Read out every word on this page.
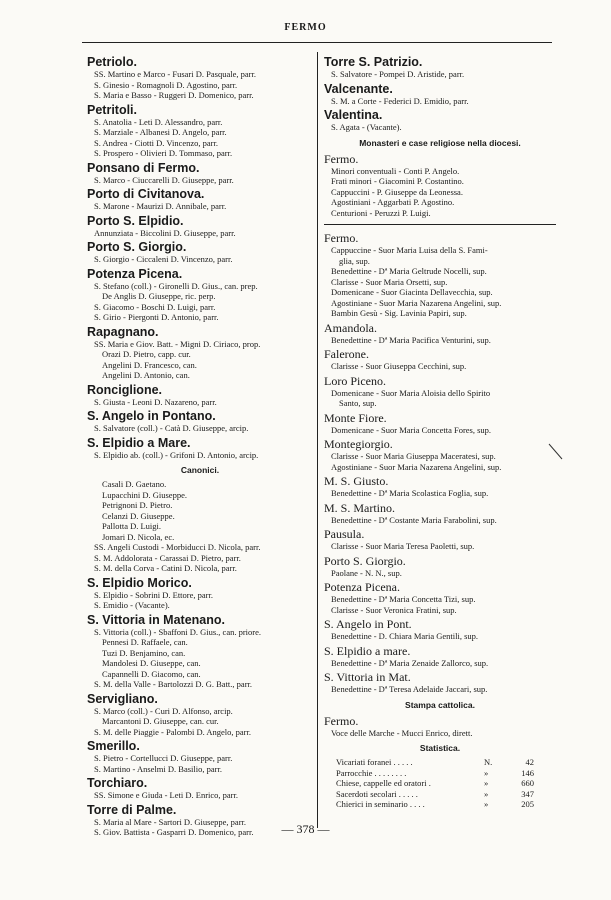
FERMO
Petriolo.
SS. Martino e Marco - Fusari D. Pasquale, parr.
S. Ginesio - Romagnoli D. Agostino, parr.
S. Maria e Basso - Ruggeri D. Domenico, parr.
Petritoli.
S. Anatolia - Leti D. Alessandro, parr.
S. Marziale - Albanesi D. Angelo, parr.
S. Andrea - Ciotti D. Vincenzo, parr.
S. Prospero - Olivieri D. Tommaso, parr.
Ponsano di Fermo.
S. Marco - Ciuccarelli D. Giuseppe, parr.
Porto di Civitanova.
S. Marone - Maurizi D. Annibale, parr.
Porto S. Elpidio.
Annunziata - Biccolini D. Giuseppe, parr.
Porto S. Giorgio.
S. Giorgio - Ciccaleni D. Vincenzo, parr.
Potenza Picena.
S. Stefano (coll.) - Gironelli D. Gius., can. prep.
De Anglis D. Giuseppe, ric. perp.
S. Giacomo - Boschi D. Luigi, parr.
S. Girio - Piergonti D. Antonio, parr.
Rapagnano.
SS. Maria e Giov. Batt. - Migni D. Ciriaco, prop.
Orazi D. Pietro, capp. cur.
Angelini D. Francesco, can.
Angelini D. Antonio, can.
Ronciglione.
S. Giusta - Leoni D. Nazareno, parr.
S. Angelo in Pontano.
S. Salvatore (coll.) - Catà D. Giuseppe, arcip.
S. Elpidio a Mare.
S. Elpidio ab. (coll.) - Grifoni D. Antonio, arcip.
Canonici.
Casali D. Gaetano.
Lupacchini D. Giuseppe.
Petrignoni D. Pietro.
Celanzi D. Giuseppe.
Pallotta D. Luigi.
Jomari D. Nicola, ec.
SS. Angeli Custodi - Morbiducci D. Nicola, parr.
S. M. Addolorata - Carassai D. Pietro, parr.
S. M. della Corva - Catini D. Nicola, parr.
S. Elpidio Morico.
S. Elpidio - Sobrini D. Ettore, parr.
S. Emidio - (Vacante).
S. Vittoria in Matenano.
S. Vittoria (coll.) - Sbaffoni D. Gius., can. priore.
Pennesi D. Raffaele, can.
Tuzi D. Benjamino, can.
Mandolesi D. Giuseppe, can.
Capannelli D. Giacomo, can.
S. M. della Valle - Bartolozzi D. G. Batt., parr.
Servigliano.
S. Marco (coll.) - Curi D. Alfonso, arcip.
Marcantoni D. Giuseppe, can. cur.
S. M. delle Piaggie - Palombi D. Angelo, parr.
Smerillo.
S. Pietro - Cortellucci D. Giuseppe, parr.
S. Martino - Anselmi D. Basilio, parr.
Torchiaro.
SS. Simone e Giuda - Leti D. Enrico, parr.
Torre di Palme.
S. Maria al Mare - Sartori D. Giuseppe, parr.
S. Giov. Battista - Gasparri D. Domenico, parr.
Torre S. Patrizio.
S. Salvatore - Pompei D. Aristide, parr.
Valcenante.
S. M. a Corte - Federici D. Emidio, parr.
Valentina.
S. Agata - (Vacante).
Monasteri e case religiose nella diocesi.
Fermo.
Minori conventuali - Conti P. Angelo.
Frati minori - Giacomini P. Costantino.
Cappuccini - P. Giuseppe da Leonessa.
Agostiniani - Aggarbati P. Agostino.
Centurioni - Peruzzi P. Luigi.
Fermo.
Cappuccine - Suor Maria Luisa della S. Fami-
glia, sup.
Benedettine - Dª Maria Geltrude Nocelli, sup.
Clarisse - Suor Maria Orsetti, sup.
Domenicane - Suor Giacinta Dellavecchia, sup.
Agostiniane - Suor Maria Nazarena Angelini, sup.
Bambin Gesù - Sig. Lavinia Papiri, sup.
Amandola.
Benedettine - Dª Maria Pacifica Venturini, sup.
Falerone.
Clarisse - Suor Giuseppa Cecchini, sup.
Loro Piceno.
Domenicane - Suor Maria Aloisia dello Spirito
Santo, sup.
Monte Fiore.
Domenicane - Suor Maria Concetta Fores, sup.
Montegiorgio.
Clarisse - Suor Maria Giuseppa Maceratesi, sup.
Agostiniane - Suor Maria Nazarena Angelini, sup.
M. S. Giusto.
Benedettine - Dª Maria Scolastica Foglia, sup.
M. S. Martino.
Benedettine - Dª Costante Maria Farabolini, sup.
Pausula.
Clarisse - Suor Maria Teresa Paoletti, sup.
Porto S. Giorgio.
Paolane - N. N., sup.
Potenza Picena.
Benedettine - Dª Maria Concetta Tizi, sup.
Clarisse - Suor Veronica Fratini, sup.
S. Angelo in Pont.
Benedettine - D. Chiara Maria Gentili, sup.
S. Elpidio a mare.
Benedettine - Dª Maria Zenaide Zallorco, sup.
S. Vittoria in Mat.
Benedettine - Dª Teresa Adelaide Jaccari, sup.
Stampa cattolica.
Fermo.
Voce delle Marche - Mucci Enrico, dirett.
Statistica.
Vicariati foranei . . . . .	N.	42
Parrocchie . . . . . . . .	»	146
Chiese, cappelle ed oratori .	»	660
Sacerdoti secolari . . . . .	»	347
Chierici in seminario . . . .	»	205
— 378 —
